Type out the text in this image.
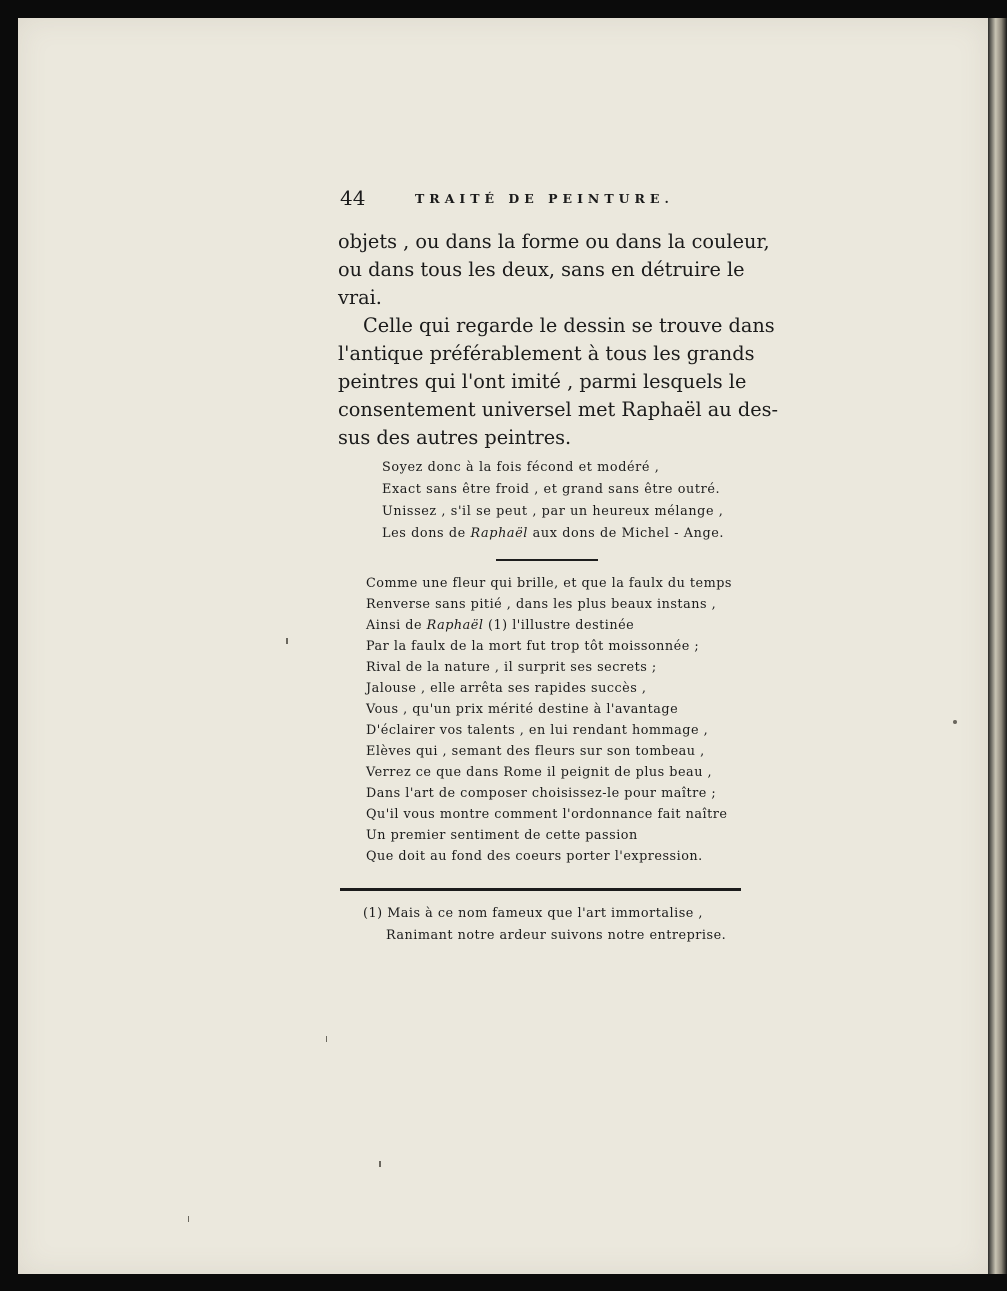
44	TRAITÉ DE PEINTURE.
objets , ou dans la forme ou dans la couleur,
ou dans tous les deux, sans en détruire le
vrai.
Celle qui regarde le dessin se trouve dans
l'antique préférablement à tous les grands
peintres qui l'ont imité , parmi lesquels le
consentement universel met Raphaël au des-
sus des autres peintres.
Soyez donc à la fois fécond et modéré ,
Exact sans être froid , et grand sans être outré.
Unissez , s'il se peut , par un heureux mélange ,
Les dons de Raphaël aux dons de Michel - Ange.
Comme une fleur qui brille, et que la faulx du temps
Renverse sans pitié , dans les plus beaux instans ,
Ainsi de Raphaël (1) l'illustre destinée
Par la faulx de la mort fut trop tôt moissonnée ;
Rival de la nature , il surprit ses secrets ;
Jalouse , elle arrêta ses rapides succès ,
Vous , qu'un prix mérité destine à l'avantage
D'éclairer vos talents , en lui rendant hommage ,
Elèves qui , semant des fleurs sur son tombeau ,
Verrez ce que dans Rome il peignit de plus beau ,
Dans l'art de composer choisissez-le pour maître ;
Qu'il vous montre comment l'ordonnance fait naître
Un premier sentiment de cette passion
Que doit au fond des coeurs porter l'expression.
(1) Mais à ce nom fameux que l'art immortalise ,
Ranimant notre ardeur suivons notre entreprise.
